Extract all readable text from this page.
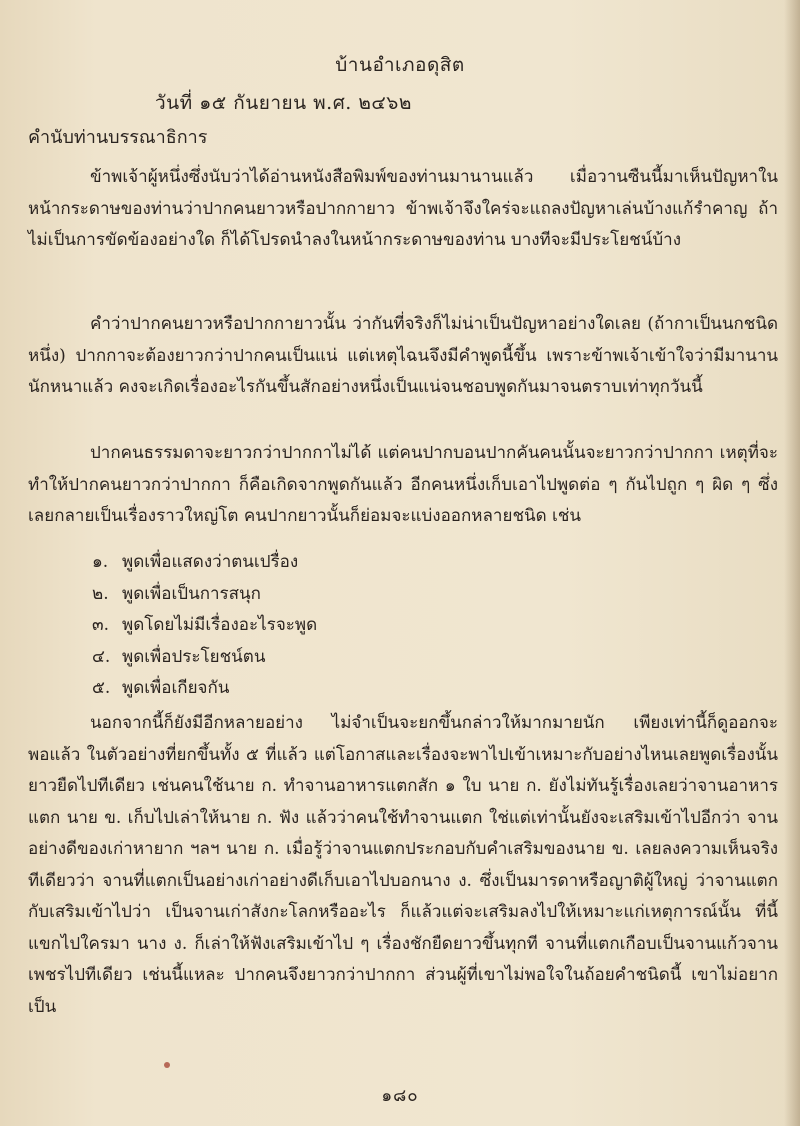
บ้านอำเภอดุสิต
วันที่ ๑๕ กันยายน พ.ศ. ๒๔๖๒
คำนับท่านบรรณาธิการ
ข้าพเจ้าผู้หนึ่งซึ่งนับว่าได้อ่านหนังสือพิมพ์ของท่านมานานแล้ว เมื่อวานซืนนี้มาเห็นปัญหาในหน้ากระดาษของท่านว่าปากคนยาวหรือปากกายาว ข้าพเจ้าจึงใคร่จะแถลงปัญหาเล่นบ้างแก้รำคาญ ถ้าไม่เป็นการขัดข้องอย่างใด ก็ได้โปรดนำลงในหน้ากระดาษของท่าน บางทีจะมีประโยชน์บ้าง
คำว่าปากคนยาวหรือปากกายาวนั้น ว่ากันที่จริงก็ไม่น่าเป็นปัญหาอย่างใดเลย (ถ้ากาเป็นนกชนิดหนึ่ง) ปากกาจะต้องยาวกว่าปากคนเป็นแน่ แต่เหตุไฉนจึงมีคำพูดนี้ขึ้น เพราะข้าพเจ้าเข้าใจว่ามีมานานนักหนาแล้ว คงจะเกิดเรื่องอะไรกันขึ้นสักอย่างหนึ่งเป็นแน่จนชอบพูดกันมาจนตราบเท่าทุกวันนี้
ปากคนธรรมดาจะยาวกว่าปากกาไม่ได้ แต่คนปากบอนปากคันคนนั้นจะยาวกว่าปากกา เหตุที่จะทำให้ปากคนยาวกว่าปากกา ก็คือเกิดจากพูดกันแล้ว อีกคนหนึ่งเก็บเอาไปพูดต่อ ๆ กันไปถูก ๆ ผิด ๆ ซึ่งเลยกลายเป็นเรื่องราวใหญ่โต คนปากยาวนั้นก็ย่อมจะแบ่งออกหลายชนิด เช่น
๑. พูดเพื่อแสดงว่าตนเปรื่อง
๒. พูดเพื่อเป็นการสนุก
๓. พูดโดยไม่มีเรื่องอะไรจะพูด
๔. พูดเพื่อประโยชน์ตน
๕. พูดเพื่อเกียจกัน
นอกจากนี้ก็ยังมีอีกหลายอย่าง ไม่จำเป็นจะยกขึ้นกล่าวให้มากมายนัก เพียงเท่านี้ก็ดูออกจะพอแล้ว ในตัวอย่างที่ยกขึ้นทั้ง ๕ ที่แล้ว แต่โอกาสและเรื่องจะพาไปเข้าเหมาะกับอย่างไหนเลยพูดเรื่องนั้น ยาวยืดไปทีเดียว เช่นคนใช้นาย ก. ทำจานอาหารแตกสัก ๑ ใบ นาย ก. ยังไม่ทันรู้เรื่องเลยว่าจานอาหารแตก นาย ข. เก็บไปเล่าให้นาย ก. ฟัง แล้วว่าคนใช้ทำจานแตก ใช่แต่เท่านั้นยังจะเสริมเข้าไปอีกว่า จานอย่างดีของเก่าหายาก ฯลฯ นาย ก. เมื่อรู้ว่าจานแตกประกอบกับคำเสริมของนาย ข. เลยลงความเห็นจริงทีเดียวว่า จานที่แตกเป็นอย่างเก่าอย่างดีเก็บเอาไปบอกนาง ง. ซึ่งเป็นมารดาหรือญาติผู้ใหญ่ ว่าจานแตก กับเสริมเข้าไปว่า เป็นจานเก่าสังกะโลกหรืออะไร ก็แล้วแต่จะเสริมลงไปให้เหมาะแก่เหตุการณ์นั้น ที่นี้แขกไปใครมา นาง ง. ก็เล่าให้ฟังเสริมเข้าไป ๆ เรื่องชักยืดยาวขึ้นทุกที จานที่แตกเกือบเป็นจานแก้วจานเพชรไปทีเดียว เช่นนี้แหละ ปากคนจึงยาวกว่าปากกา ส่วนผู้ที่เขาไม่พอใจในถ้อยคำชนิดนี้ เขาไม่อยากเป็น
๑๘๐
